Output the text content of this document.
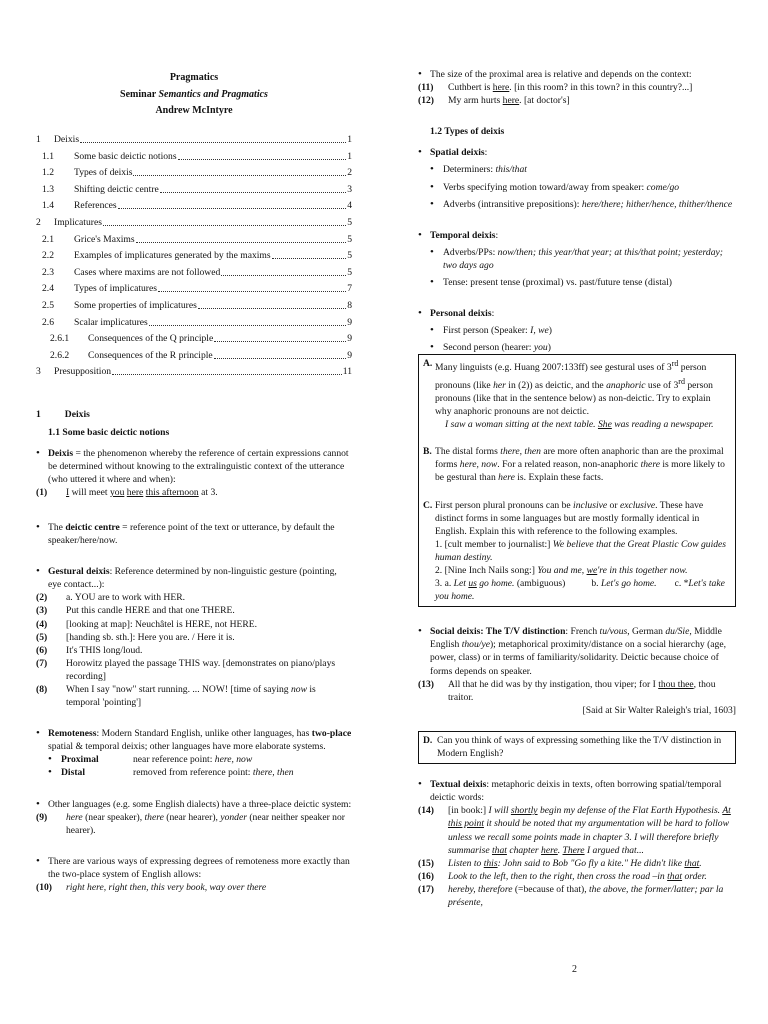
Pragmatics
Seminar Semantics and Pragmatics
Andrew McIntyre
1	Deixis	1
1.1	Some basic deictic notions	1
1.2	Types of deixis	2
1.3	Shifting deictic centre	3
1.4	References	4
2	Implicatures	5
2.1	Grice's Maxims	5
2.2	Examples of implicatures generated by the maxims	5
2.3	Cases where maxims are not followed	5
2.4	Types of implicatures	7
2.5	Some properties of implicatures	8
2.6	Scalar implicatures	9
2.6.1	Consequences of the Q principle	9
2.6.2	Consequences of the R principle	9
3	Presupposition	11
1	Deixis
1.1 Some basic deictic notions
• Deixis = the phenomenon whereby the reference of certain expressions cannot be determined without knowing to the extralinguistic context of the utterance (who uttered it where and when):
(1)	I will meet you here this afternoon at 3.
• The deictic centre = reference point of the text or utterance, by default the speaker/here/now.
• Gestural deixis: Reference determined by non-linguistic gesture (pointing, eye contact...):
(2)	a. YOU are to work with HER.
(3)	Put this candle HERE and that one THERE.
(4)	[looking at map]: Neuchâtel is HERE, not HERE.
(5)	[handing sb. sth.]: Here you are. / Here it is.
(6)	It's THIS long/loud.
(7)	Horowitz played the passage THIS way. [demonstrates on piano/plays recording]
(8)	When I say "now" start running. ... NOW! [time of saying now is temporal 'pointing']
• Remoteness: Modern Standard English, unlike other languages, has two-place spatial & temporal deixis; other languages have more elaborate systems.
• Proximal	near reference point: here, now
• Distal	removed from reference point: there, then
• Other languages (e.g. some English dialects) have a three-place deictic system:
(9)	here (near speaker), there (near hearer), yonder (near neither speaker nor hearer).
• There are various ways of expressing degrees of remoteness more exactly than the two-place system of English allows:
(10)	right here, right then, this very book, way over there
• The size of the proximal area is relative and depends on the context:
(11)	Cuthbert is here. [in this room? in this town? in this country?...]
(12)	My arm hurts here. [at doctor's]
1.2 Types of deixis
• Spatial deixis:
• Determiners: this/that
• Verbs specifying motion toward/away from speaker: come/go
• Adverbs (intransitive prepositions): here/there; hither/hence, thither/thence
• Temporal deixis:
• Adverbs/PPs: now/then; this year/that year; at this/that point; yesterday; two days ago
• Tense: present tense (proximal) vs. past/future tense (distal)
• Personal deixis:
• First person (Speaker: I, we)
• Second person (hearer: you)
A. Many linguists (e.g. Huang 2007:133ff) see gestural uses of 3rd person pronouns (like her in (2)) as deictic, and the anaphoric use of 3rd person pronouns (like that in the sentence below) as non-deictic. Try to explain why anaphoric pronouns are not deictic.
I saw a woman sitting at the next table. She was reading a newspaper.
B. The distal forms there, then are more often anaphoric than are the proximal forms here, now. For a related reason, non-anaphoric there is more likely to be gestural than here is. Explain these facts.
C. First person plural pronouns can be inclusive or exclusive. These have distinct forms in some languages but are mostly formally identical in English. Explain this with reference to the following examples.
1. [cult member to journalist:] We believe that the Great Plastic Cow guides human destiny.
2. [Nine Inch Nails song:] You and me, we're in this together now.
3. a. Let us go home. (ambiguous)	b. Let's go home. c. *Let's take you home.
• Social deixis: The T/V distinction: French tu/vous, German du/Sie, Middle English thou/ye); metaphorical proximity/distance on a social hierarchy (age, power, class) or in terms of familiarity/solidarity. Deictic because choice of forms depends on speaker.
(13)	All that he did was by thy instigation, thou viper; for I thou thee, thou traitor.
[Said at Sir Walter Raleigh's trial, 1603]
D. Can you think of ways of expressing something like the T/V distinction in Modern English?
• Textual deixis: metaphoric deixis in texts, often borrowing spatial/temporal deictic words:
(14)	[in book:] I will shortly begin my defense of the Flat Earth Hypothesis. At this point it should be noted that my argumentation will be hard to follow unless we recall some points made in chapter 3. I will therefore briefly summarise that chapter here. There I argued that...
(15)	Listen to this: John said to Bob "Go fly a kite." He didn't like that.
(16)	Look to the left, then to the right, then cross the road –in that order.
(17)	hereby, therefore (=because of that), the above, the former/latter; par la présente,
2
